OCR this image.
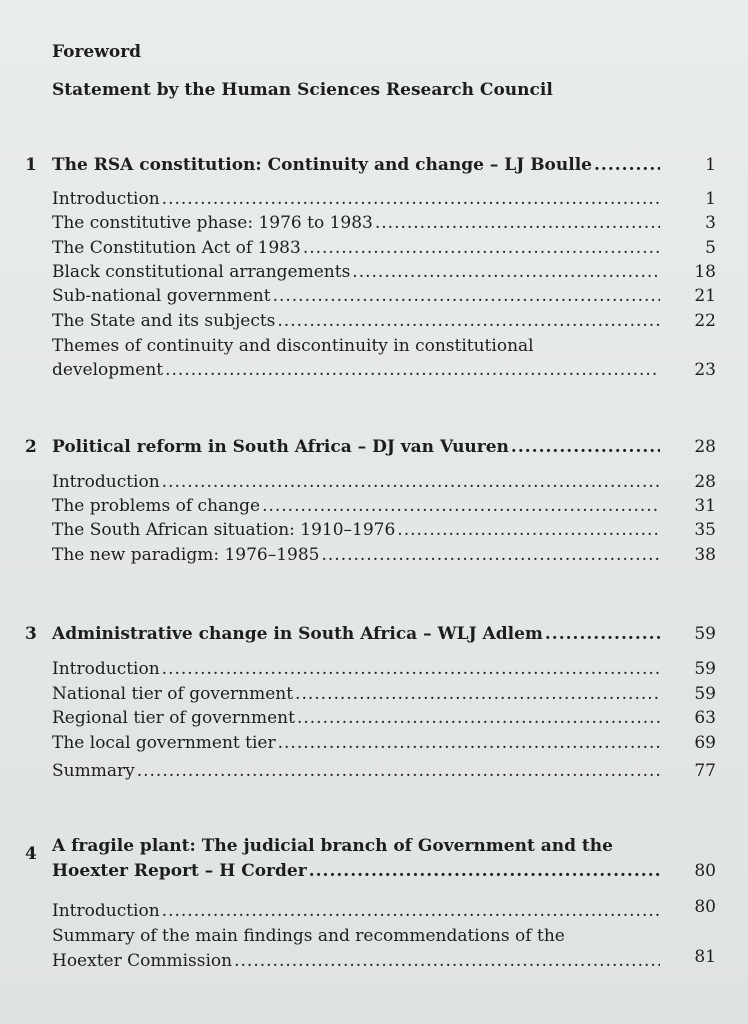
Foreword
Statement by the Human Sciences Research Council
1 The RSA constitution: Continuity and change – LJ Boulle .....	1
Introduction .....	1
The constitutive phase: 1976 to 1983 .....	3
The Constitution Act of 1983 .....	5
Black constitutional arrangements .....	18
Sub-national government .....	21
The State and its subjects .....	22
Themes of continuity and discontinuity in constitutional
development .....	23
2 Political reform in South Africa – DJ van Vuuren .....	28
Introduction .....	28
The problems of change .....	31
The South African situation: 1910–1976 .....	35
The new paradigm: 1976–1985 .....	38
3 Administrative change in South Africa – WLJ Adlem .....	59
Introduction .....	59
National tier of government .....	59
Regional tier of government .....	63
The local government tier .....	69
Summary .....	77
4 A fragile plant: The judicial branch of Government and the
Hoexter Report – H Corder .....	80
Introduction .....	80
Summary of the main findings and recommendations of the
Hoexter Commission .....	81
